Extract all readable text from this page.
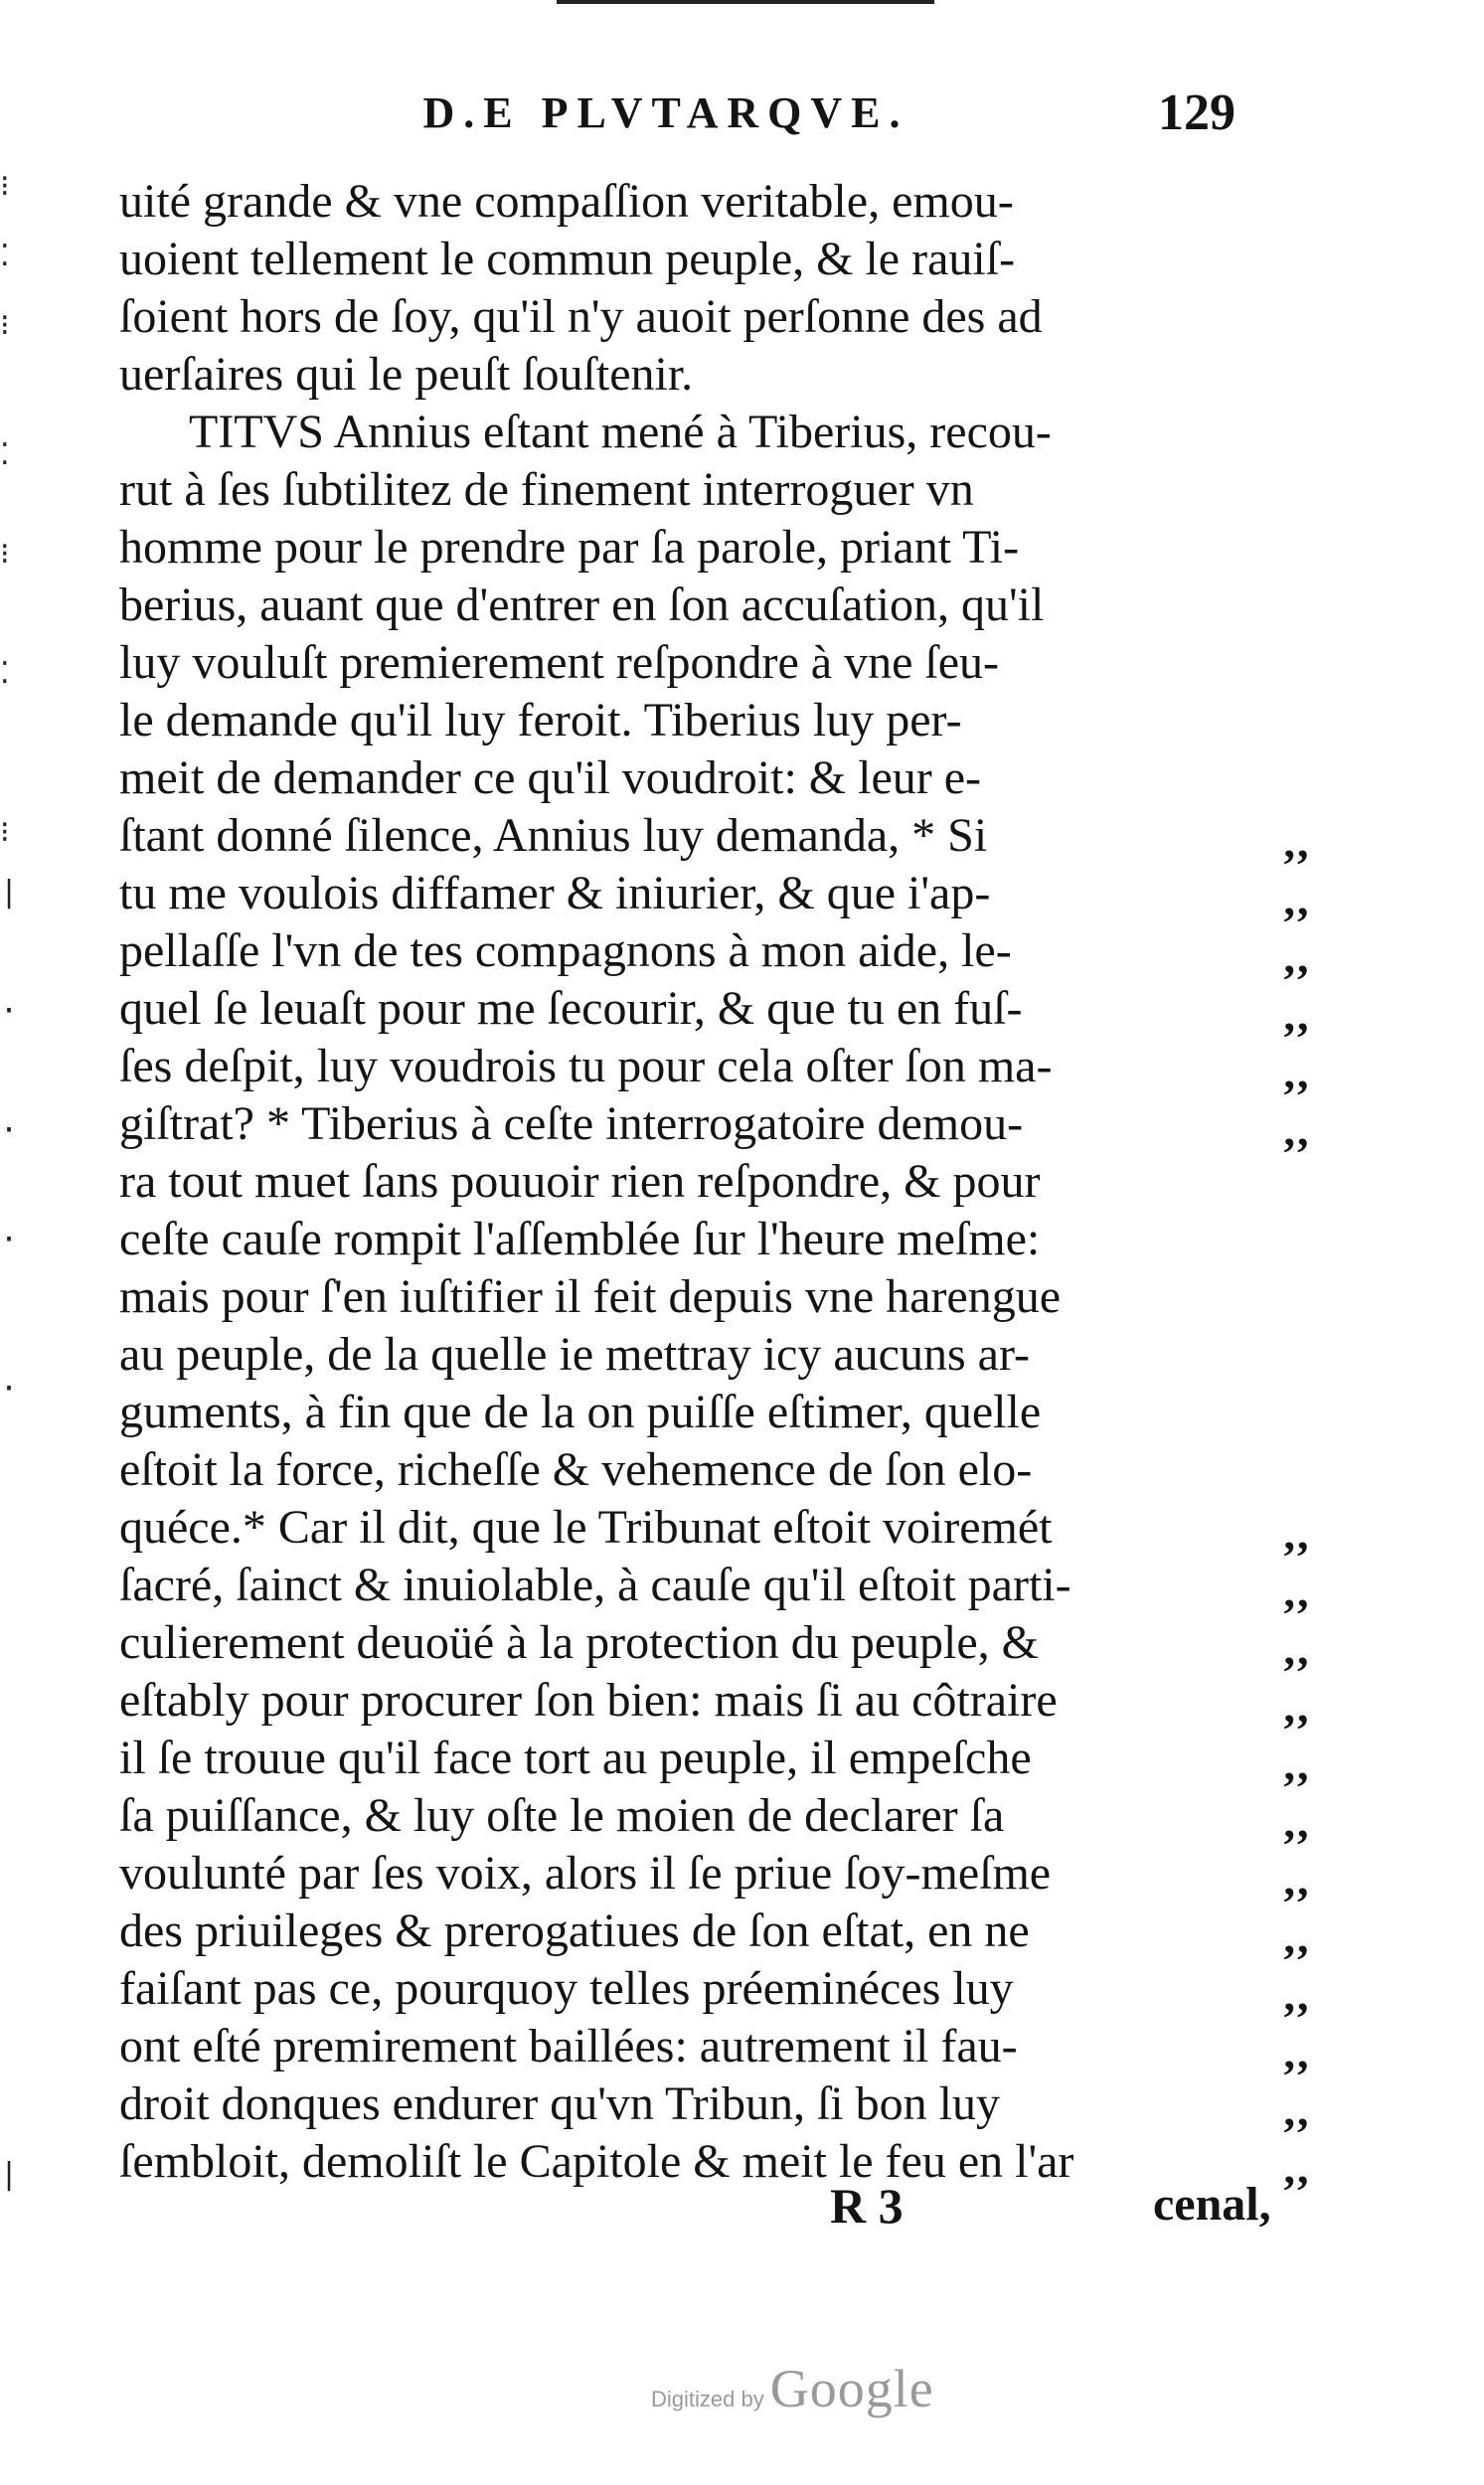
D.E PLVTARQVE.	129
⁝
⁚
⁝
⁚
⁝
⁚
⁝
|
·
·
·
·
|
uité grande & vne compaſſion veritable, emou-
uoient tellement le commun peuple, & le rauiſ-
ſoient hors de ſoy, qu'il n'y auoit perſonne des ad
uerſaires qui le peuſt ſouſtenir.
TITVS Annius eſtant mené à Tiberius, recou-
rut à ſes ſubtilitez de finement interroguer vn
homme pour le prendre par ſa parole, priant Ti-
berius, auant que d'entrer en ſon accuſation, qu'il
luy vouluſt premierement reſpondre à vne ſeu-
le demande qu'il luy feroit. Tiberius luy per-
meit de demander ce qu'il voudroit: & leur e-
ſtant donné ſilence, Annius luy demanda, * Si
tu me voulois diffamer & iniurier, & que i'ap-
pellaſſe l'vn de tes compagnons à mon aide, le-
quel ſe leuaſt pour me ſecourir, & que tu en fuſ-
ſes deſpit, luy voudrois tu pour cela oſter ſon ma-
giſtrat? * Tiberius à ceſte interrogatoire demou-
ra tout muet ſans pouuoir rien reſpondre, & pour
ceſte cauſe rompit l'aſſemblée ſur l'heure meſme:
mais pour ſ'en iuſtifier il feit depuis vne harengue
au peuple, de la quelle ie mettray icy aucuns ar-
guments, à fin que de la on puiſſe eſtimer, quelle
eſtoit la force, richeſſe & vehemence de ſon elo-
quéce.* Car il dit, que le Tribunat eſtoit voiremét
ſacré, ſainct & inuiolable, à cauſe qu'il eſtoit parti-
culierement deuoüé à la protection du peuple, &
eſtably pour procurer ſon bien: mais ſi au côtraire
il ſe trouue qu'il face tort au peuple, il empeſche
ſa puiſſance, & luy oſte le moien de declarer ſa
voulunté par ſes voix, alors il ſe priue ſoy-meſme
des priuileges & prerogatiues de ſon eſtat, en ne
faiſant pas ce, pourquoy telles préeminéces luy
ont eſté premirement baillées: autrement il fau-
droit donques endurer qu'vn Tribun, ſi bon luy
ſembloit, demoliſt le Capitole & meit le feu en l'ar
,,
,,
,,
,,
,,
,,
,,
,,
,,
,,
,,
,,
,,
,,
,,
,,
,,
,,
R 3	cenal,
Digitized by Google
